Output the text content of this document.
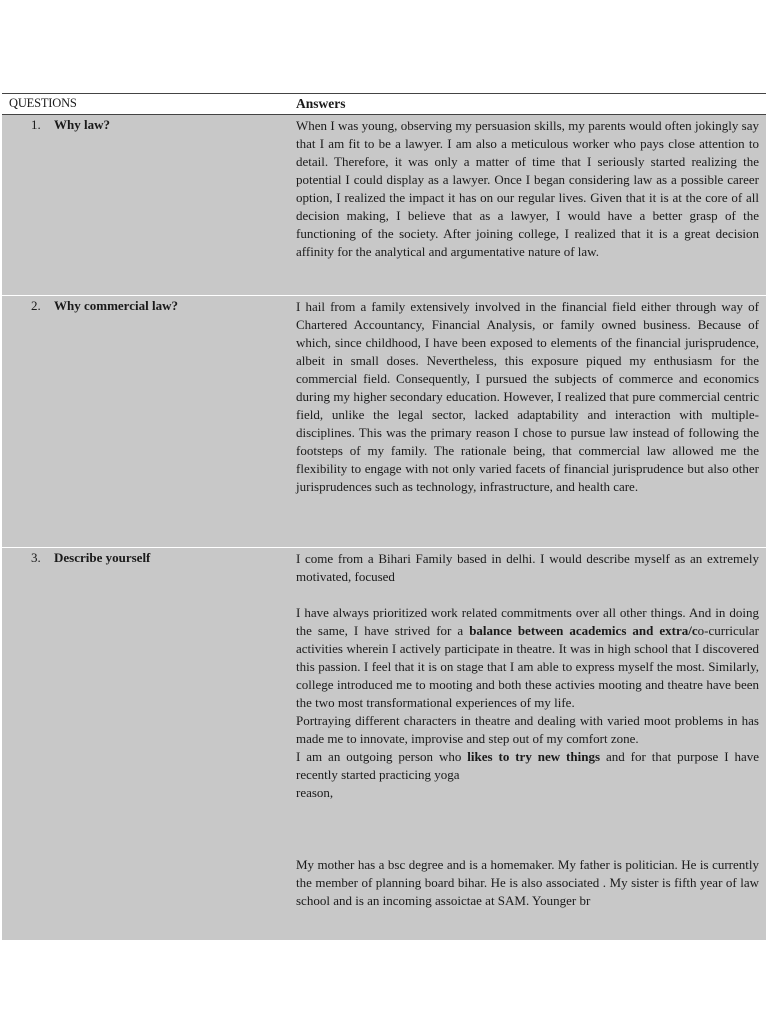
QUESTIONS	Answers
1. Why law?	When I was young, observing my persuasion skills, my parents would often jokingly say that I am fit to be a lawyer. I am also a meticulous worker who pays close attention to detail. Therefore, it was only a matter of time that I seriously started realizing the potential I could display as a lawyer. Once I began considering law as a possible career option, I realized the impact it has on our regular lives. Given that it is at the core of all decision making, I believe that as a lawyer, I would have a better grasp of the functioning of the society. After joining college, I realized that it is a great decision affinity for the analytical and argumentative nature of law.

2. Why commercial law?	I hail from a family extensively involved in the financial field either through way of Chartered Accountancy, Financial Analysis, or family owned business. Because of which, since childhood, I have been exposed to elements of the financial jurisprudence, albeit in small doses. Nevertheless, this exposure piqued my enthusiasm for the commercial field. Consequently, I pursued the subjects of commerce and economics during my higher secondary education. However, I realized that pure commercial centric field, unlike the legal sector, lacked adaptability and interaction with multiple-disciplines. This was the primary reason I chose to pursue law instead of following the footsteps of my family. The rationale being, that commercial law allowed me the flexibility to engage with not only varied facets of financial jurisprudence but also other jurisprudences such as technology, infrastructure, and health care.

3. Describe yourself	I come from a Bihari Family based in delhi. I would describe myself as an extremely motivated, focused

I have always prioritized work related commitments over all other things. And in doing the same, I have strived for a balance between academics and extra/co-curricular activities wherein I actively participate in theatre. It was in high school that I discovered this passion. I feel that it is on stage that I am able to express myself the most. Similarly, college introduced me to mooting and both these activies mooting and theatre have been the two most transformational experiences of my life.

Portraying different characters in theatre and dealing with varied moot problems in has made me to innovate, improvise and step out of my comfort zone.

I am an outgoing person who likes to try new things and for that purpose I have recently started practicing yoga

reason,

My mother has a bsc degree and is a homemaker. My father is politician. He is currently the member of planning board bihar. He is also associated . My sister is fifth year of law school and is an incoming assoictae at SAM. Younger br
